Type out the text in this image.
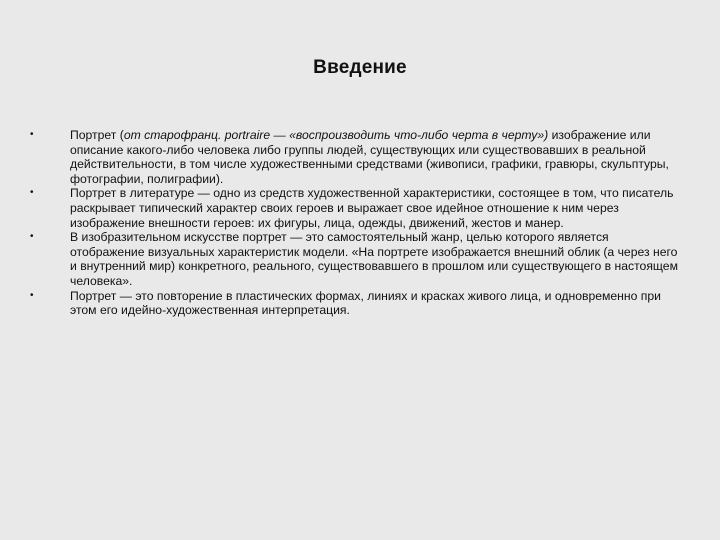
Введение
•	Портрет (от старофранц. portraire — «воспроизводить что-либо черта в черту») изображение или описание какого-либо человека либо группы людей, существующих или существовавших в реальной действительности, в том числе художественными средствами (живописи, графики, гравюры, скульптуры, фотографии, полиграфии).
•	Портрет в литературе — одно из средств художественной характеристики, состоящее в том, что писатель раскрывает типический характер своих героев и выражает свое идейное отношение к ним через изображение внешности героев: их фигуры, лица, одежды, движений, жестов и манер.
•	В изобразительном искусстве портрет — это самостоятельный жанр, целью которого является отображение визуальных характеристик модели. «На портрете изображается внешний облик (а через него и внутренний мир) конкретного, реального, существовавшего в прошлом или существующего в настоящем человека».
•	Портрет — это повторение в пластических формах, линиях и красках живого лица, и одновременно при этом его идейно-художественная интерпретация.
